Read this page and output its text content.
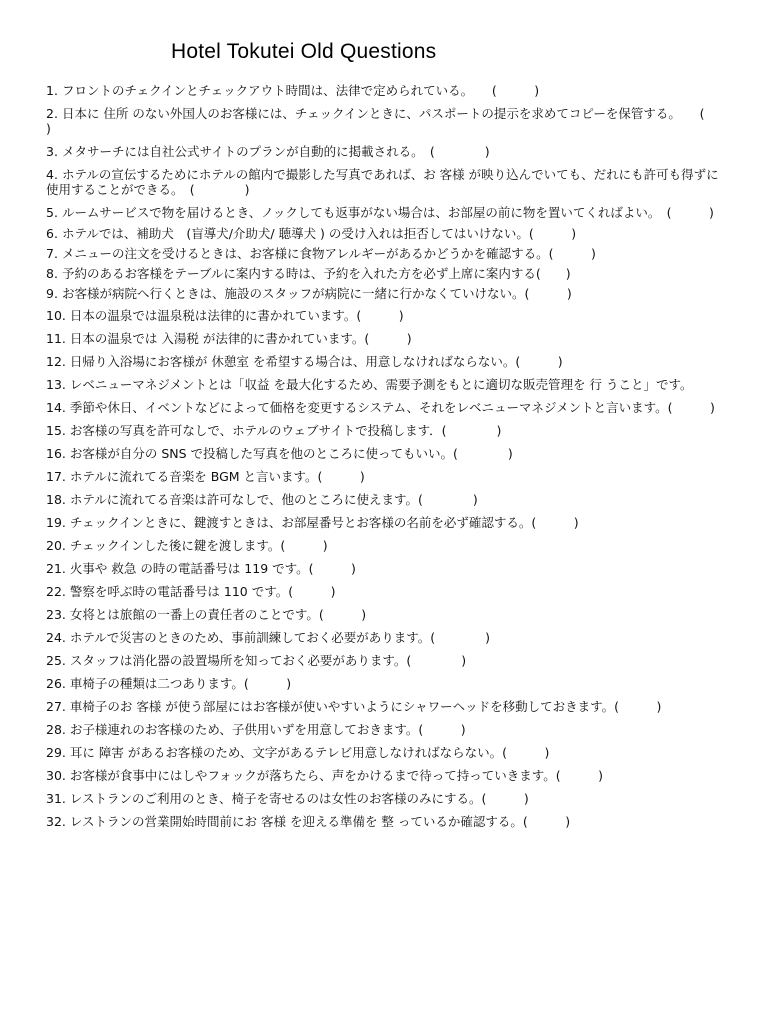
Hotel Tokutei Old Questions
1. フロントのチェクインとチェックアウト時間は、法律で定められている。　　(　　　)
2. 日本に 住所 のない外国人のお客様には、チェックインときに、パスポートの提示を求めてコピーを保管する。　　(　　　　)
3. メタサーチには自社公式サイトのプランが自動的に掲載される。　(　　　　)
4. ホテルの宣伝するためにホテルの館内で撮影した写真であれば、お 客様 が映り込んでいても、だれにも許可も得ずに使用することができる。　(　　　　)
5. ルームサービスで物を届けるとき、ノックしても返事がない場合は、お部屋の前に物を置いてくればよい。　(　　　)
6. ホテルでは、補助犬　(盲導犬/介助犬/ 聴導犬 ) の受け入れは拒否してはいけない。(　　　)
7. メニューの注文を受けるときは、お客様に食物アレルギーがあるかどうかを確認する。(　　　)
8. 予約のあるお客様をテーブルに案内する時は、予約を入れた方を必ず上席に案内する(　　)
9. お客様が病院へ行くときは、施設のスタッフが病院に一緒に行かなくていけない。(　　　)
10. 日本の温泉では温泉税は法律的に書かれています。(　　　)
11. 日本の温泉では 入湯税 が法律的に書かれています。(　　　)
12. 日帰り入浴場にお客様が 休憩室 を希望する場合は、用意しなければならない。(　　　)
13. レベニューマネジメントとは「収益 を最大化するため、需要予測をもとに適切な販売管理を 行 うこと」です。
14. 季節や休日、イベントなどによって価格を変更するシステム、それをレベニューマネジメントと言います。(　　　)
15. お客様の写真を許可なしで、ホテルのウェブサイトで投稿します．(　　　　)
16. お客様が自分の SNS で投稿した写真を他のところに使ってもいい。(　　　　)
17. ホテルに流れてる音楽を BGM と言います。(　　　)
18. ホテルに流れてる音楽は許可なしで、他のところに使えます。(　　　　)
19. チェックインときに、鍵渡すときは、お部屋番号とお客様の名前を必ず確認する。(　　　)
20. チェックインした後に鍵を渡します。(　　　)
21. 火事や 救急 の時の電話番号は 119 です。(　　　)
22. 警察を呼ぶ時の電話番号は 110 です。(　　　)
23. 女将とは旅館の一番上の責任者のことです。(　　　)
24. ホテルで災害のときのため、事前訓練しておく必要があります。(　　　　)
25. スタッフは消化器の設置場所を知っておく必要があります。(　　　　)
26. 車椅子の種類は二つあります。(　　　)
27. 車椅子のお 客様 が使う部屋にはお客様が使いやすいようにシャワーヘッドを移動しておきます。(　　　)
28. お子様連れのお客様のため、子供用いずを用意しておきます。(　　　)
29. 耳に 障害 があるお客様のため、文字があるテレビ用意しなければならない。(　　　)
30. お客様が食事中にはしやフォックが落ちたら、声をかけるまで待って持っていきます。(　　　)
31. レストランのご利用のとき、椅子を寄せるのは女性のお客様のみにする。(　　　)
32. レストランの営業開始時間前にお 客様 を迎える準備を 整 っているか確認する。(　　　)
